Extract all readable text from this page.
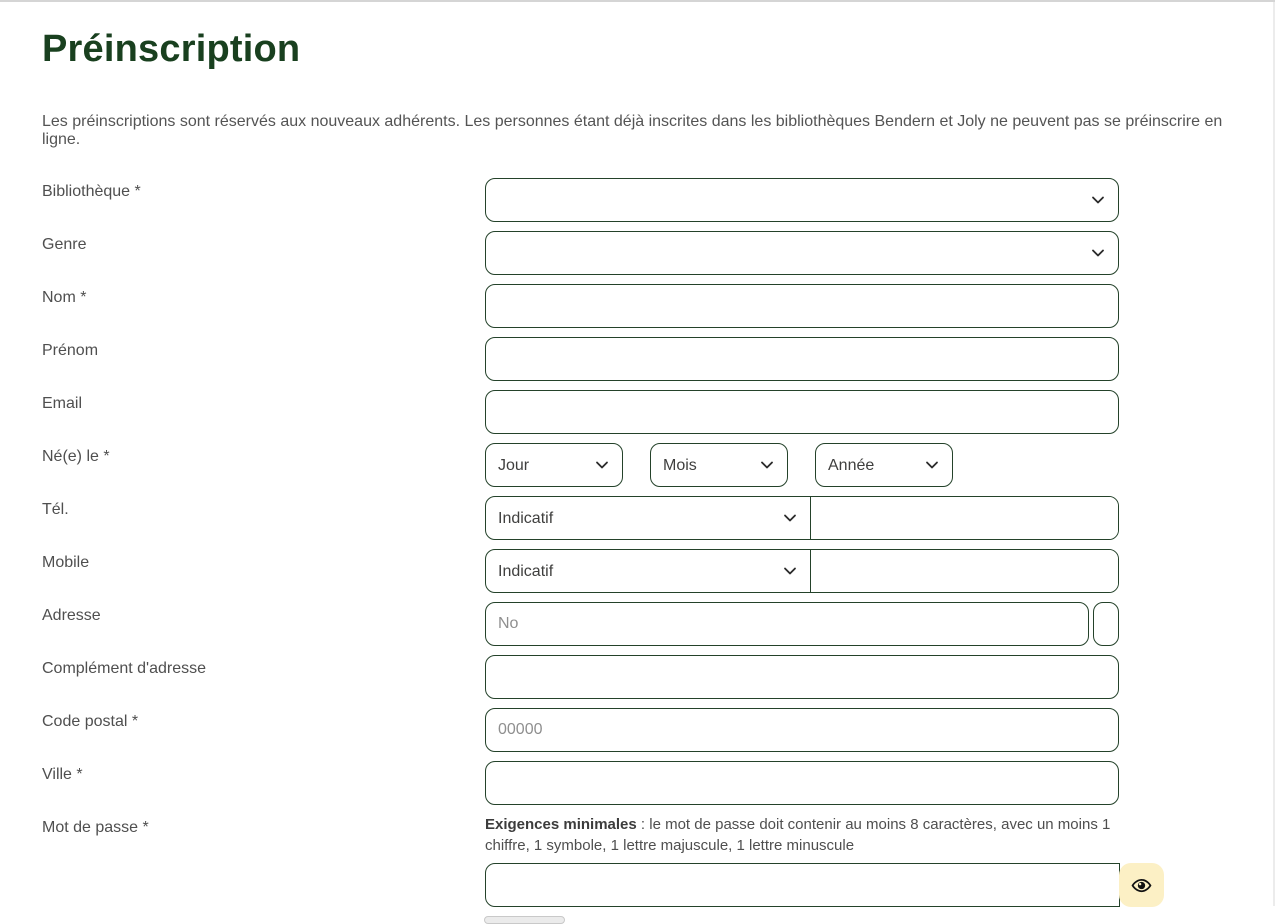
Préinscription

Les préinscriptions sont réservés aux nouveaux adhérents. Les personnes étant déjà inscrites dans les bibliothèques Bendern et Joly ne peuvent pas se préinscrire en ligne.

Bibliothèque *
Genre
Nom *
Prénom
Email
Né(e) le *
Jour
Mois
Année
Tél.
Indicatif
Mobile
Indicatif
Adresse
No
Rue
Complément d'adresse
Code postal *
00000
Ville *
Mot de passe *	Exigences minimales : le mot de passe doit contenir au moins 8 caractères, avec un moins 1 chiffre, 1 symbole, 1 lettre majuscule, 1 lettre minuscule
